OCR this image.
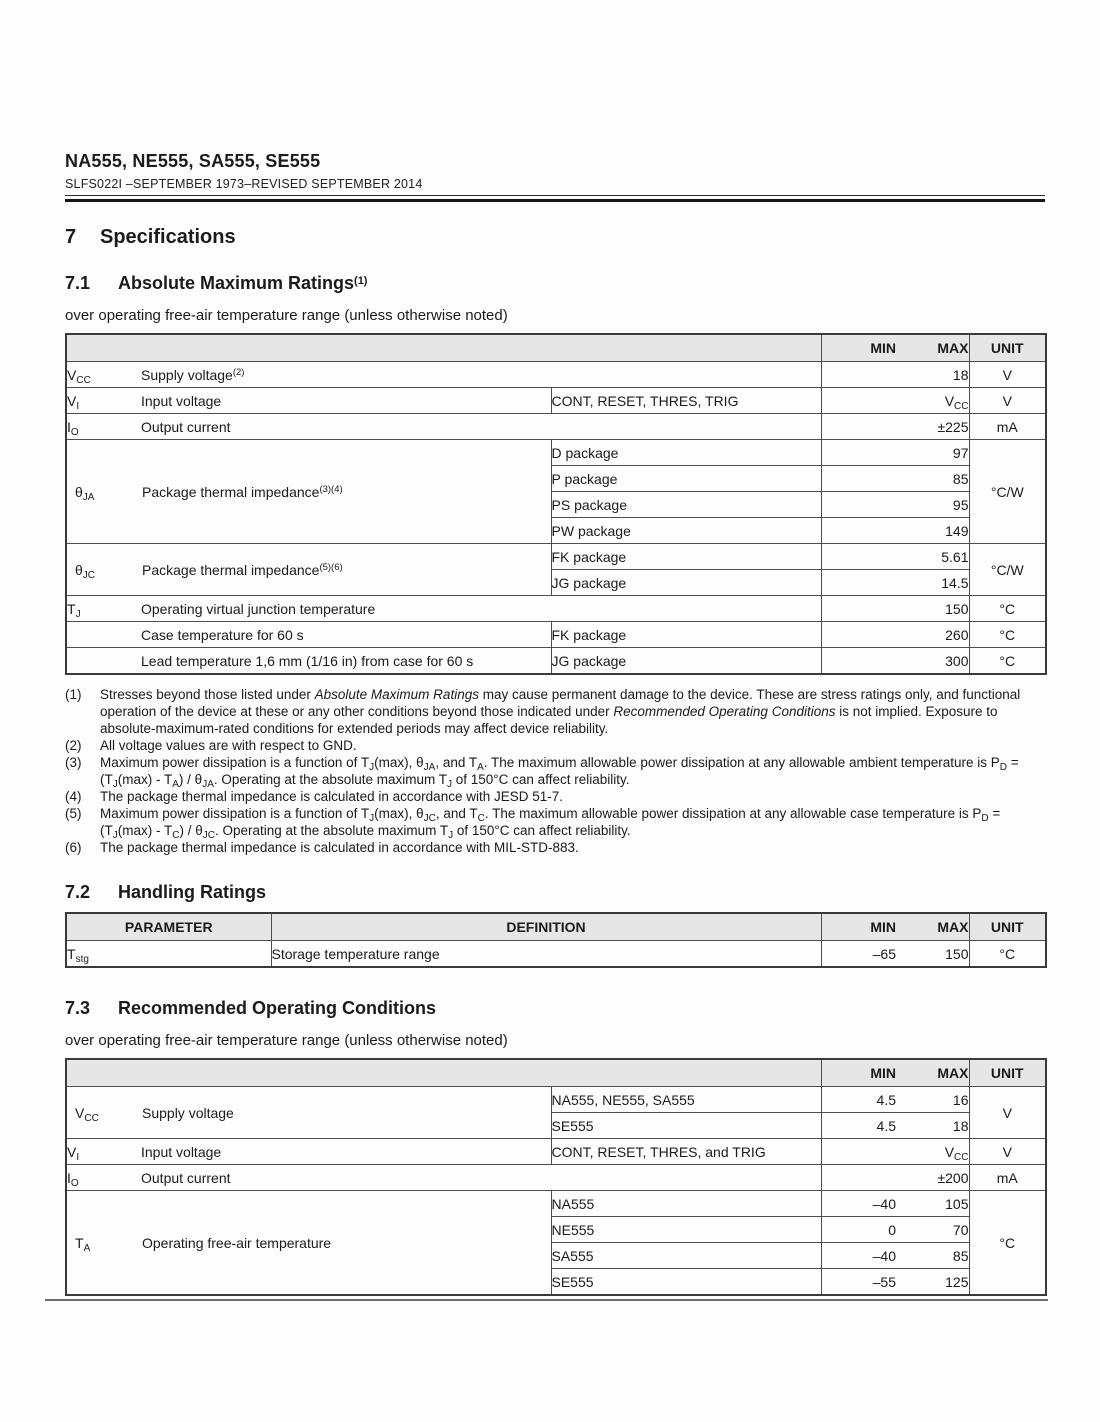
NA555, NE555, SA555, SE555
SLFS022I –SEPTEMBER 1973–REVISED SEPTEMBER 2014
7 Specifications
7.1 Absolute Maximum Ratings$^{(1)}$
over operating free-air temperature range (unless otherwise noted)
			MIN	MAX	UNIT
$V_{CC}$	Supply voltage$^{(2)}$			18	V
$V_I$	Input voltage	CONT, RESET, THRES, TRIG		$V_{CC}$	V
$I_O$	Output current			±225	mA

$\theta_{JA}$ Package thermal impedance$^{(3)(4)}$		D package		97	°C/W
		P package		85	
		PS package		95	
		PW package		149	

$\theta_{JC}$ Package thermal impedance$^{(5)(6)}$		FK package		5.61	°C/W
		JG package		14.5	
$T_J$	Operating virtual junction temperature			150	°C
	Case temperature for 60 s	FK package		260	°C
	Lead temperature 1,6 mm (1/16 in) from case for 60 s	JG package		300	°C
(1)	Stresses beyond those listed under Absolute Maximum Ratings may cause permanent damage to the device. These are stress ratings only, and functional operation of the device at these or any other conditions beyond those indicated under Recommended Operating Conditions is not implied. Exposure to absolute-maximum-rated conditions for extended periods may affect device reliability.
(2)	All voltage values are with respect to GND.
(3)	Maximum power dissipation is a function of $T_J(\max)$, $\theta_{JA}$, and $T_A$. The maximum allowable power dissipation at any allowable ambient temperature is $P_D = (T_J(\max) - T_A) / \theta_{JA}$. Operating at the absolute maximum $T_J$ of 150°C can affect reliability.
(4)	The package thermal impedance is calculated in accordance with JESD 51-7.
(5)	Maximum power dissipation is a function of $T_J(\max)$, $\theta_{JC}$, and $T_C$. The maximum allowable power dissipation at any allowable case temperature is $P_D = (T_J(\max) - T_C) / \theta_{JC}$. Operating at the absolute maximum $T_J$ of 150°C can affect reliability.
(6)	The package thermal impedance is calculated in accordance with MIL-STD-883.
7.2 Handling Ratings
PARAMETER	DEFINITION	MIN	MAX	UNIT
$T_{stg}$	Storage temperature range	–65	150	°C
7.3 Recommended Operating Conditions
over operating free-air temperature range (unless otherwise noted)
			MIN	MAX	UNIT

$V_{CC}$ Supply voltage		NA555, NE555, SA555	4.5	16	V
		SE555	4.5	18	
$V_I$	Input voltage	CONT, RESET, THRES, and TRIG		$V_{CC}$	V
$I_O$	Output current			±200	mA

$T_A$ Operating free-air temperature		NA555	–40	105	°C
		NE555	0	70	
		SA555	–40	85	
		SE555	–55	125	
